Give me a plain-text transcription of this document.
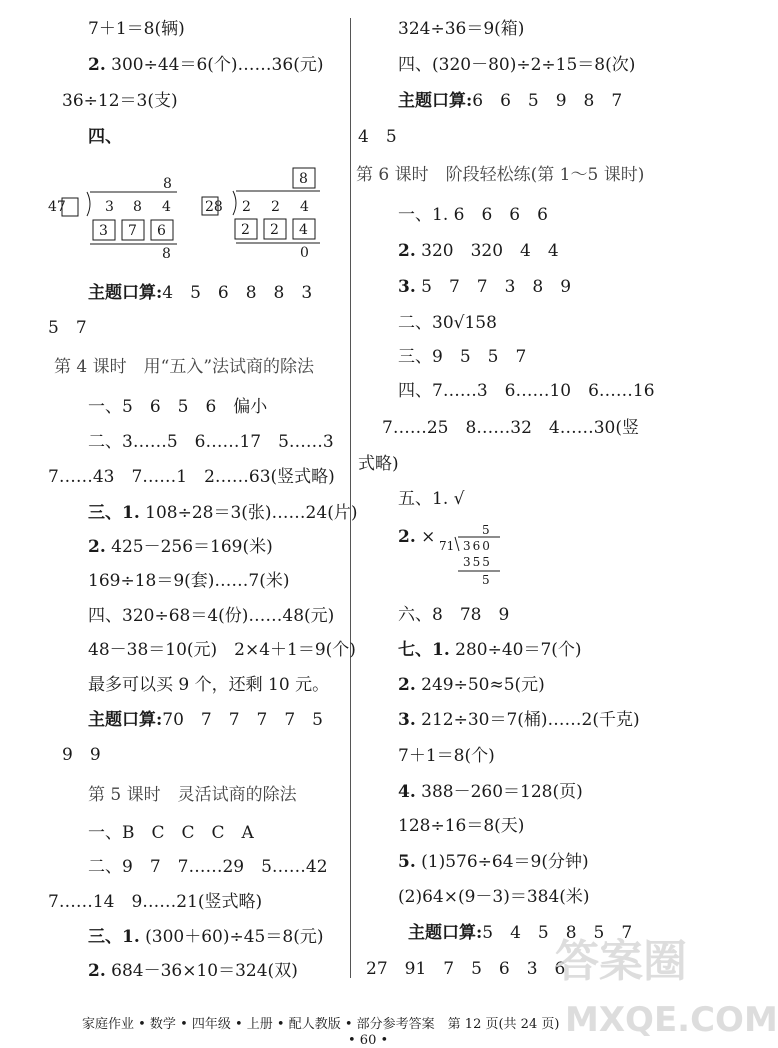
7＋1＝8(辆)
2. 300÷44＝6(个)……36(元)
36÷12＝3(支)
四、
8
47	3 8 4
3 7 6
8
8
28 2 2 4
2 2 4
0
主题口算:4　5　6　8　8　3
5　7
第 4 课时　用“五入”法试商的除法
一、5　6　5　6　偏小
二、3……5　6……17　5……3
7……43　7……1　2……63(竖式略)
三、1. 108÷28＝3(张)……24(片)
2. 425－256＝169(米)
169÷18＝9(套)……7(米)
四、320÷68＝4(份)……48(元)
48－38＝10(元)　2×4＋1＝9(个)
最多可以买 9 个，还剩 10 元。
主题口算:70　7　7　7　7　5
9　9
第 5 课时　灵活试商的除法
一、B　C　C　C　A
二、9　7　7……29　5……42
7……14　9……21(竖式略)
三、1. (300＋60)÷45＝8(元)
2. 684－36×10＝324(双)
324÷36＝9(箱)
四、(320－80)÷2÷15＝8(次)
主题口算:6　6　5　9　8　7
4　5
第 6 课时　阶段轻松练(第 1～5 课时)
一、1. 6　6　6　6
2. 320　320　4　4
3. 5　7　7　3　8　9
二、30√158
三、9　5　5　7
四、7……3　6……10　6……16
7……25　8……32　4……30(竖
式略)
五、1. √
2. ×	5
71 360
355
5
六、8　78　9
七、1. 280÷40＝7(个)
2. 249÷50≈5(元)
3. 212÷30＝7(桶)……2(千克)
7＋1＝8(个)
4. 388－260＝128(页)
128÷16＝8(天)
5. (1)576÷64＝9(分钟)
(2)64×(9－3)＝384(米)
主题口算:5　4　5　8　5　7
27　91　7　5　6　3　6
答案圈
MXQE.COM
家庭作业 • 数学 • 四年级 • 上册 • 配人教版 • 部分参考答案　第 12 页(共 24 页)
• 60 •
